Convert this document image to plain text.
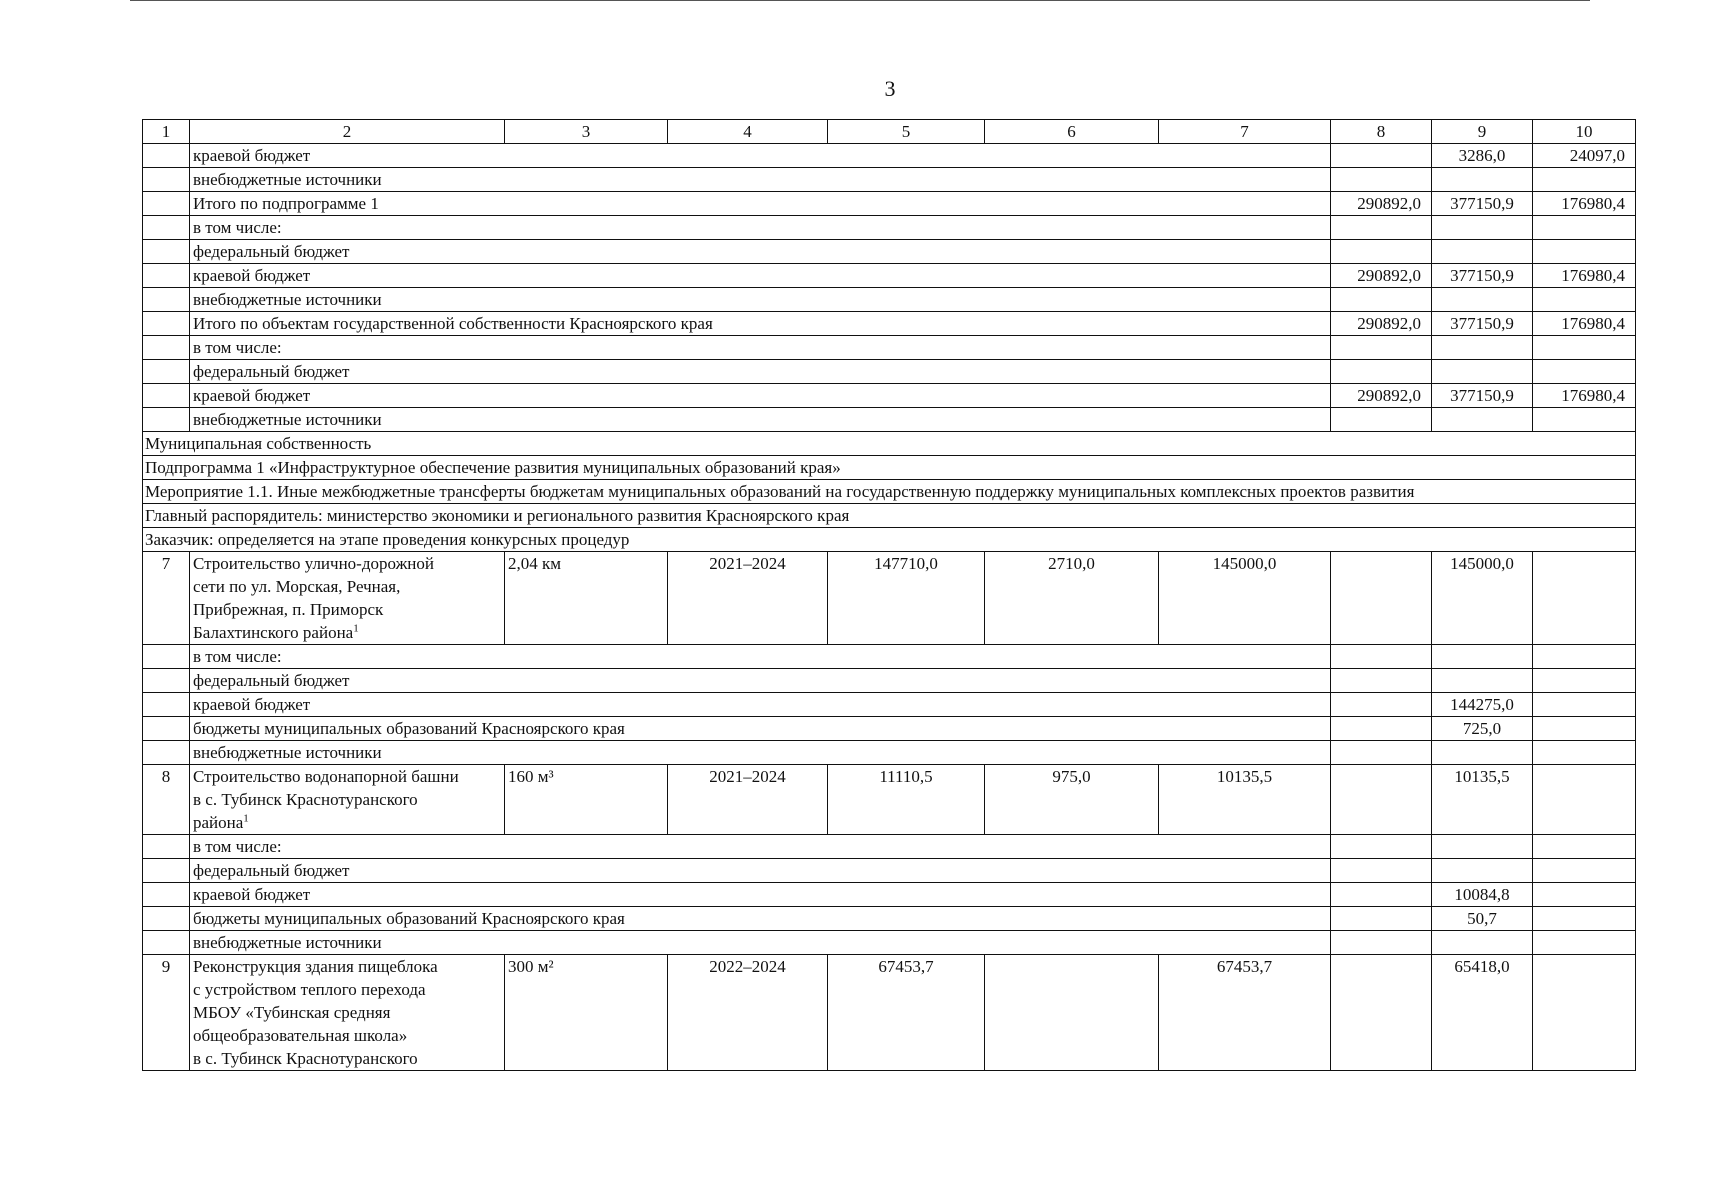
3
1	2	3	4	5	6	7	8	9	10
	краевой бюджет							3286,0	24097,0
	внебюджетные источники								
	Итого по подпрограмме 1						290892,0	377150,9	176980,4
	в том числе:								
	федеральный бюджет								
	краевой бюджет						290892,0	377150,9	176980,4
	внебюджетные источники								
	Итого по объектам государственной собственности Красноярского края						290892,0	377150,9	176980,4
	в том числе:								
	федеральный бюджет								
	краевой бюджет						290892,0	377150,9	176980,4
	внебюджетные источники								
Муниципальная собственность									
Подпрограмма 1 «Инфраструктурное обеспечение развития муниципальных образований края»									
Мероприятие 1.1. Иные межбюджетные трансферты бюджетам муниципальных образований на государственную поддержку муниципальных комплексных проектов развития									
Главный распорядитель: министерство экономики и регионального развития Красноярского края									
Заказчик: определяется на этапе проведения конкурсных процедур									
7	Строительство улично-дорожной
сети по ул. Морская, Речная,
Прибрежная, п. Приморск
Балахтинского района$^1$	2,04 км	2021–2024	147710,0	2710,0	145000,0		145000,0	
	в том числе:								
	федеральный бюджет								
	краевой бюджет							144275,0	
	бюджеты муниципальных образований Красноярского края							725,0	
	внебюджетные источники								
8	Строительство водонапорной башни
в с. Тубинск Краснотуранского
района$^1$	160 м³	2021–2024	11110,5	975,0	10135,5		10135,5	
	в том числе:								
	федеральный бюджет								
	краевой бюджет							10084,8	
	бюджеты муниципальных образований Красноярского края							50,7	
	внебюджетные источники								
9	Реконструкция здания пищеблока
с устройством теплого перехода
МБОУ «Тубинская средняя
общеобразовательная школа»
в с. Тубинск Краснотуранского	300 м²	2022–2024	67453,7		67453,7		65418,0	
